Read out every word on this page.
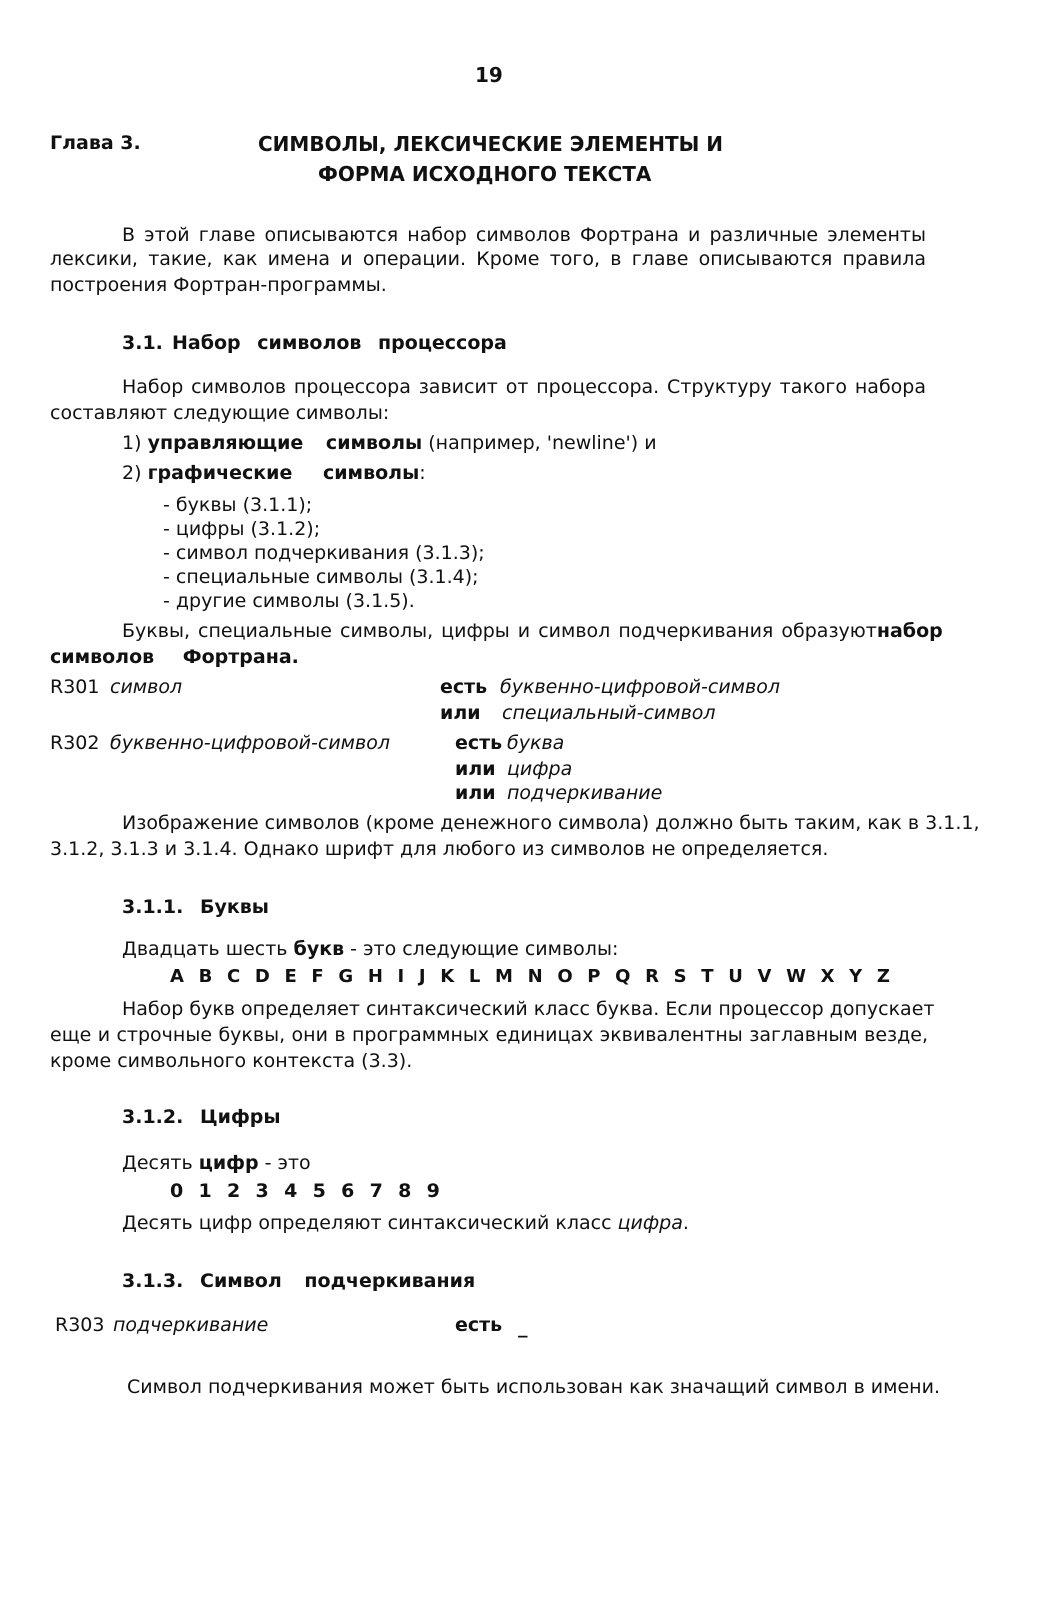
19
Глава 3.	СИМВОЛЫ, ЛЕКСИЧЕСКИЕ ЭЛЕМЕНТЫ И
ФОРМА ИСХОДНОГО ТЕКСТА
В этой главе описываются набор символов Фортрана и различные элементы
лексики, такие, как имена и операции. Кроме того, в главе описываются правила
построения Фортран-программы.
3.1. Набор символов процессора
Набор символов процессора зависит от процессора. Структуру такого набора
составляют следующие символы:
1) управляющие символы (например, 'newline') и
2) графические символы:
- буквы (3.1.1);
- цифры (3.1.2);
- символ подчеркивания (3.1.3);
- специальные символы (3.1.4);
- другие символы (3.1.5).
Буквы, специальные символы, цифры и символ подчеркивания образуют набор
символов Фортрана.
R301 символ	есть буквенно-цифровой-символ
или специальный-символ
R302 буквенно-цифровой-символ	есть буква
или цифра
или подчеркивание
Изображение символов (кроме денежного символа) должно быть таким, как в 3.1.1,
3.1.2, 3.1.3 и 3.1.4. Однако шрифт для любого из символов не определяется.
3.1.1. Буквы
Двадцать шесть букв - это следующие символы:
A B C D E F G H I J K L M N O P Q R S T U V W X Y Z
Набор букв определяет синтаксический класс буква. Если процессор допускает
еще и строчные буквы, они в программных единицах эквивалентны заглавным везде,
кроме символьного контекста (3.3).
3.1.2. Цифры
Десять цифр - это
0 1 2 3 4 5 6 7 8 9
Десять цифр определяют синтаксический класс цифра.
3.1.3. Символ подчеркивания
R303 подчеркивание	есть _
Символ подчеркивания может быть использован как значащий символ в имени.
